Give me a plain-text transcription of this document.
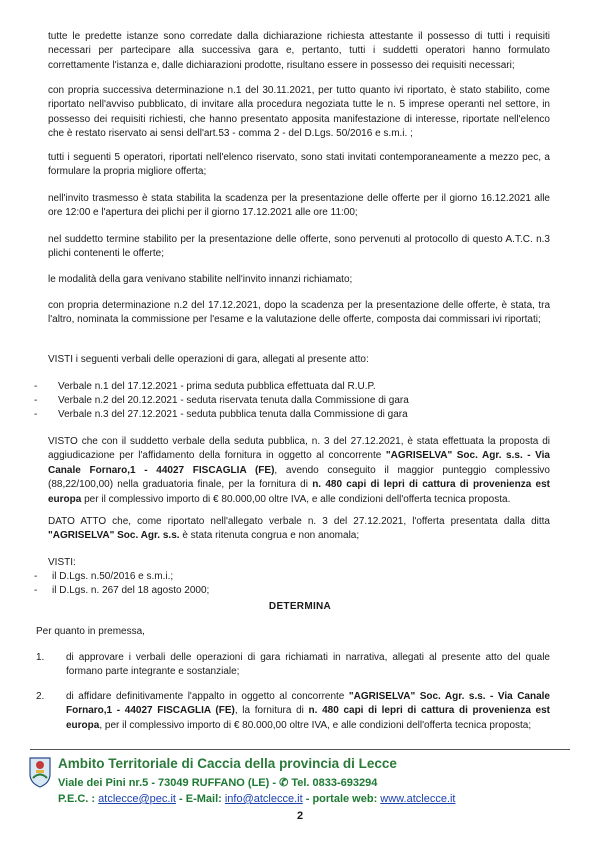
tutte le predette istanze sono corredate dalla dichiarazione richiesta attestante il possesso di tutti i requisiti necessari per partecipare alla successiva gara e, pertanto, tutti i suddetti operatori hanno formulato correttamente l'istanza e, dalle dichiarazioni prodotte, risultano essere in possesso dei requisiti necessari;

con propria successiva determinazione n.1 del 30.11.2021, per tutto quanto ivi riportato, è stato stabilito, come riportato nell'avviso pubblicato, di invitare alla procedura negoziata tutte le n. 5 imprese operanti nel settore, in possesso dei requisiti richiesti, che hanno presentato apposita manifestazione di interesse, riportate nell'elenco che è restato riservato ai sensi dell'art.53 - comma 2 - del D.Lgs. 50/2016 e s.m.i. ;

tutti i seguenti 5 operatori, riportati nell'elenco riservato, sono stati invitati contemporaneamente a mezzo pec, a formulare la propria migliore offerta;

nell'invito trasmesso è stata stabilita la scadenza per la presentazione delle offerte per il giorno 16.12.2021 alle ore 12:00 e l'apertura dei plichi per il giorno 17.12.2021 alle ore 11:00;

nel suddetto termine stabilito per la presentazione delle offerte, sono pervenuti al protocollo di questo A.T.C. n.3 plichi contenenti le offerte;

le modalità della gara venivano stabilite nell'invito innanzi richiamato;

con propria determinazione n.2 del 17.12.2021, dopo la scadenza per la presentazione delle offerte, è stata, tra l'altro, nominata la commissione per l'esame e la valutazione delle offerte, composta dai commissari ivi riportati;

VISTI i seguenti verbali delle operazioni di gara, allegati al presente atto:

- Verbale n.1 del 17.12.2021 - prima seduta pubblica effettuata dal R.U.P.
- Verbale n.2 del 20.12.2021 - seduta riservata tenuta dalla Commissione di gara
- Verbale n.3 del 27.12.2021 - seduta pubblica tenuta dalla Commissione di gara

VISTO che con il suddetto verbale della seduta pubblica, n. 3 del 27.12.2021, è stata effettuata la proposta di aggiudicazione per l'affidamento della fornitura in oggetto al concorrente "AGRISELVA" Soc. Agr. s.s. - Via Canale Fornaro,1 - 44027 FISCAGLIA (FE), avendo conseguito il maggior punteggio complessivo (88,22/100,00) nella graduatoria finale, per la fornitura di n. 480 capi di lepri di cattura di provenienza est europa per il complessivo importo di € 80.000,00 oltre IVA, e alle condizioni dell'offerta tecnica proposta.

DATO ATTO che, come riportato nell'allegato verbale n. 3 del 27.12.2021, l'offerta presentata dalla ditta "AGRISELVA" Soc. Agr. s.s. è stata ritenuta congrua e non anomala;

VISTI:

- il D.Lgs. n.50/2016 e s.m.i.;
- il D.Lgs. n. 267 del 18 agosto 2000;
DETERMINA

Per quanto in premessa,

1. di approvare i verbali delle operazioni di gara richiamati in narrativa, allegati al presente atto del quale formano parte integrante e sostanziale;

2. di affidare definitivamente l'appalto in oggetto al concorrente "AGRISELVA" Soc. Agr. s.s. - Via Canale Fornaro,1 - 44027 FISCAGLIA (FE), la fornitura di n. 480 capi di lepri di cattura di provenienza est europa, per il complessivo importo di € 80.000,00 oltre IVA, e alle condizioni dell'offerta tecnica proposta;

Ambito Territoriale di Caccia della provincia di Lecce
Viale dei Pini nr.5 - 73049 RUFFANO (LE) - ✆ Tel. 0833-693294
P.E.C. : atclecce@pec.it - E-Mail: info@atclecce.it - portale web: www.atclecce.it
2
